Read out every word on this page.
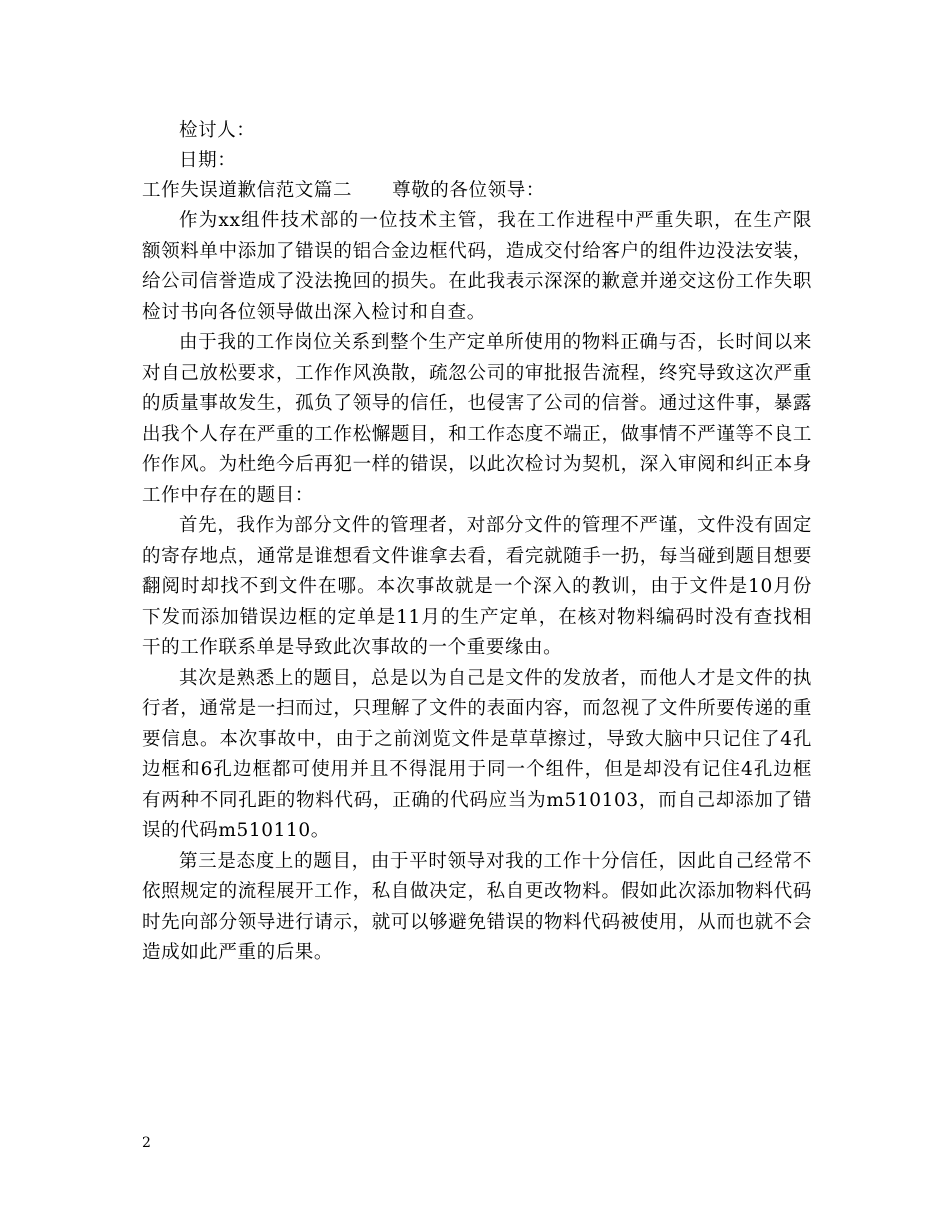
检讨人：
日期：
工作失误道歉信范文篇二 尊敬的各位领导：

作为xx组件技术部的一位技术主管，我在工作进程中严重失职，在生产限额领料单中添加了错误的铝合金边框代码，造成交付给客户的组件边没法安装，给公司信誉造成了没法挽回的损失。在此我表示深深的歉意并递交这份工作失职检讨书向各位领导做出深入检讨和自查。

由于我的工作岗位关系到整个生产定单所使用的物料正确与否，长时间以来对自己放松要求，工作作风涣散，疏忽公司的审批报告流程，终究导致这次严重的质量事故发生，孤负了领导的信任，也侵害了公司的信誉。通过这件事，暴露出我个人存在严重的工作松懈题目，和工作态度不端正，做事情不严谨等不良工作作风。为杜绝今后再犯一样的错误，以此次检讨为契机，深入审阅和纠正本身工作中存在的题目：

首先，我作为部分文件的管理者，对部分文件的管理不严谨，文件没有固定的寄存地点，通常是谁想看文件谁拿去看，看完就随手一扔，每当碰到题目想要翻阅时却找不到文件在哪。本次事故就是一个深入的教训，由于文件是10月份下发而添加错误边框的定单是11月的生产定单，在核对物料编码时没有查找相干的工作联系单是导致此次事故的一个重要缘由。

其次是熟悉上的题目，总是以为自己是文件的发放者，而他人才是文件的执行者，通常是一扫而过，只理解了文件的表面内容，而忽视了文件所要传递的重要信息。本次事故中，由于之前浏览文件是草草擦过，导致大脑中只记住了4孔边框和6孔边框都可使用并且不得混用于同一个组件，但是却没有记住4孔边框有两种不同孔距的物料代码，正确的代码应当为m510103，而自己却添加了错误的代码m510110。

第三是态度上的题目，由于平时领导对我的工作十分信任，因此自己经常不依照规定的流程展开工作，私自做决定，私自更改物料。假如此次添加物料代码时先向部分领导进行请示，就可以够避免错误的物料代码被使用，从而也就不会造成如此严重的后果。

2
